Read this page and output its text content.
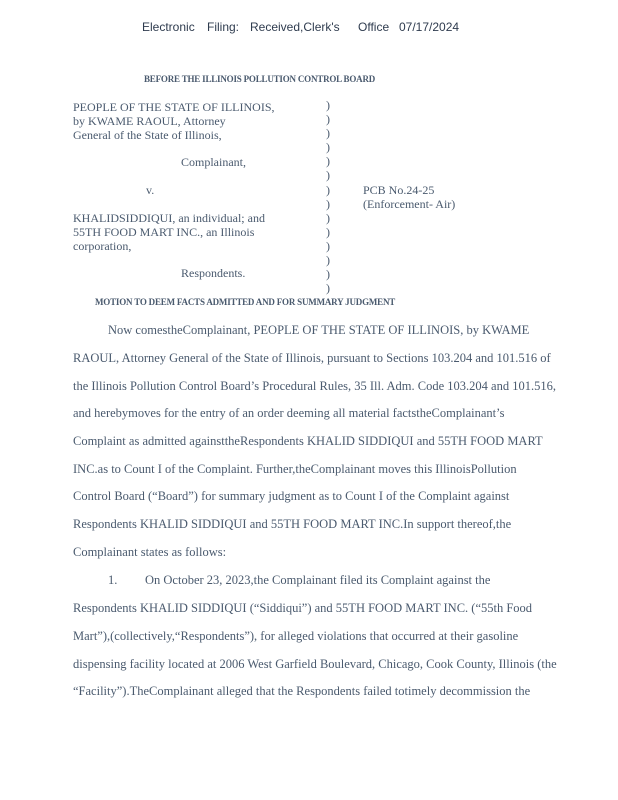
Electronic Filing: Received,Clerk's Office 07/17/2024
BEFORE THE ILLINOIS POLLUTION CONTROL BOARD
PEOPLE OF THE STATE OF ILLINOIS,
by KWAME RAOUL, Attorney
General of the State of Illinois,
Complainant,
v.
KHALIDSIDDIQUI, an individual; and
55TH FOOD MART INC., an Illinois
corporation,
Respondents.
)
)
)
)
)
)
)
)
)
)
)
)
)
)
PCB No.24-25
(Enforcement- Air)
MOTION TO DEEM FACTS ADMITTED AND FOR SUMMARY JUDGMENT
Now comestheComplainant, PEOPLE OF THE STATE OF ILLINOIS, by KWAME
RAOUL, Attorney General of the State of Illinois, pursuant to Sections 103.204 and 101.516 of
the Illinois Pollution Control Board’s Procedural Rules, 35 Ill. Adm. Code 103.204 and 101.516,
and herebymoves for the entry of an order deeming all material factstheComplainant’s
Complaint as admitted againsttheRespondents KHALID SIDDIQUI and 55TH FOOD MART
INC.as to Count I of the Complaint. Further,theComplainant moves this IllinoisPollution
Control Board (“Board”) for summary judgment as to Count I of the Complaint against
Respondents KHALID SIDDIQUI and 55TH FOOD MART INC.In support thereof,the
Complainant states as follows:
1. On October 23, 2023,the Complainant filed its Complaint against the
Respondents KHALID SIDDIQUI (“Siddiqui”) and 55TH FOOD MART INC. (“55th Food
Mart”),(collectively,“Respondents”), for alleged violations that occurred at their gasoline
dispensing facility located at 2006 West Garfield Boulevard, Chicago, Cook County, Illinois (the
“Facility”).TheComplainant alleged that the Respondents failed totimely decommission the
